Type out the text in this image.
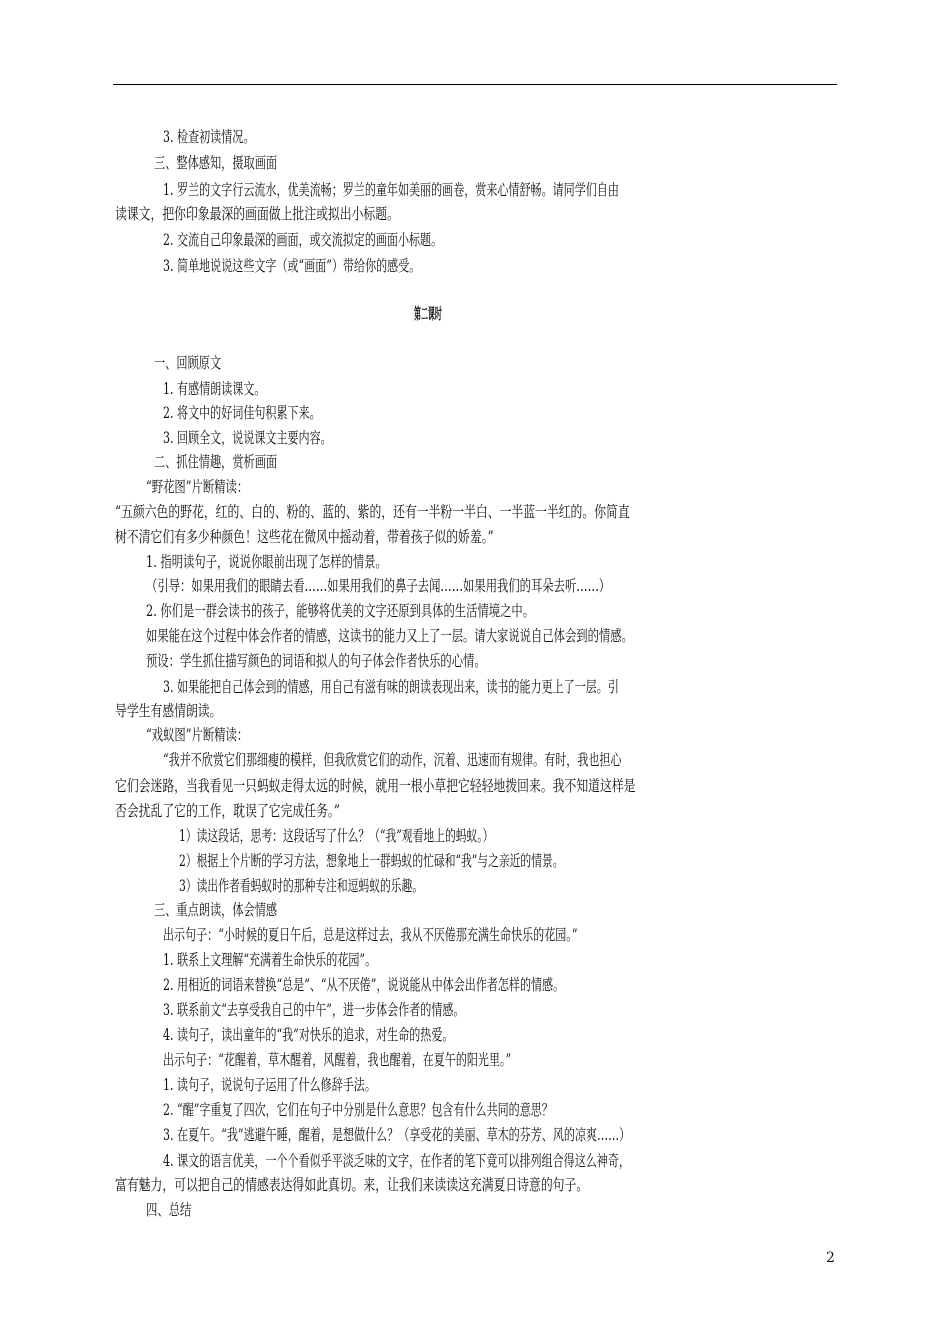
3. 检查初读情况。
三、整体感知，摄取画面
1. 罗兰的文字行云流水，优美流畅；罗兰的童年如美丽的画卷，赏来心情舒畅。请同学们自由
读课文，把你印象最深的画面做上批注或拟出小标题。
2. 交流自己印象最深的画面，或交流拟定的画面小标题。
3. 简单地说说这些文字（或“画面”）带给你的感受。
第二课时
一、回顾原文
1. 有感情朗读课文。
2. 将文中的好词佳句积累下来。
3. 回顾全文，说说课文主要内容。
二、抓住情趣，赏析画面
“野花图”片断精读：
“五颜六色的野花，红的、白的、粉的、蓝的、紫的，还有一半粉一半白、一半蓝一半红的。你简直
树不清它们有多少种颜色！这些花在微风中摇动着，带着孩子似的娇羞。”
1. 指明读句子，说说你眼前出现了怎样的情景。
（引导：如果用我们的眼睛去看……如果用我们的鼻子去闻……如果用我们的耳朵去听……）
2. 你们是一群会读书的孩子，能够将优美的文字还原到具体的生活情境之中。
如果能在这个过程中体会作者的情感，这读书的能力又上了一层。请大家说说自己体会到的情感。
预设：学生抓住描写颜色的词语和拟人的句子体会作者快乐的心情。
3. 如果能把自己体会到的情感，用自己有滋有味的朗读表现出来，读书的能力更上了一层。引
导学生有感情朗读。
“戏蚁图”片断精读：
“我并不欣赏它们那细瘦的模样，但我欣赏它们的动作，沉着、迅速而有规律。有时，我也担心
它们会迷路，当我看见一只蚂蚁走得太远的时候，就用一根小草把它轻轻地拨回来。我不知道这样是
否会扰乱了它的工作，耽误了它完成任务。”
1）读这段话，思考：这段话写了什么？（“我”观看地上的蚂蚁。）
2）根据上个片断的学习方法，想象地上一群蚂蚁的忙碌和“我”与之亲近的情景。
3）读出作者看蚂蚁时的那种专注和逗蚂蚁的乐趣。
三、重点朗读，体会情感
出示句子：“小时候的夏日午后，总是这样过去，我从不厌倦那充满生命快乐的花园。”
1. 联系上文理解“充满着生命快乐的花园”。
2. 用相近的词语来替换“总是”、“从不厌倦”，说说能从中体会出作者怎样的情感。
3. 联系前文“去享受我自己的中午”，进一步体会作者的情感。
4. 读句子，读出童年的“我”对快乐的追求，对生命的热爱。
出示句子：“花醒着，草木醒着，风醒着，我也醒着，在夏午的阳光里。”
1. 读句子，说说句子运用了什么修辞手法。
2. “醒”字重复了四次，它们在句子中分别是什么意思？包含有什么共同的意思？
3. 在夏午。“我”逃避午睡，醒着，是想做什么？（享受花的美丽、草木的芬芳、风的凉爽……）
4. 课文的语言优美，一个个看似乎平淡乏味的文字，在作者的笔下竟可以排列组合得这么神奇，
富有魅力，可以把自己的情感表达得如此真切。来，让我们来读读这充满夏日诗意的句子。
四、总结
2
